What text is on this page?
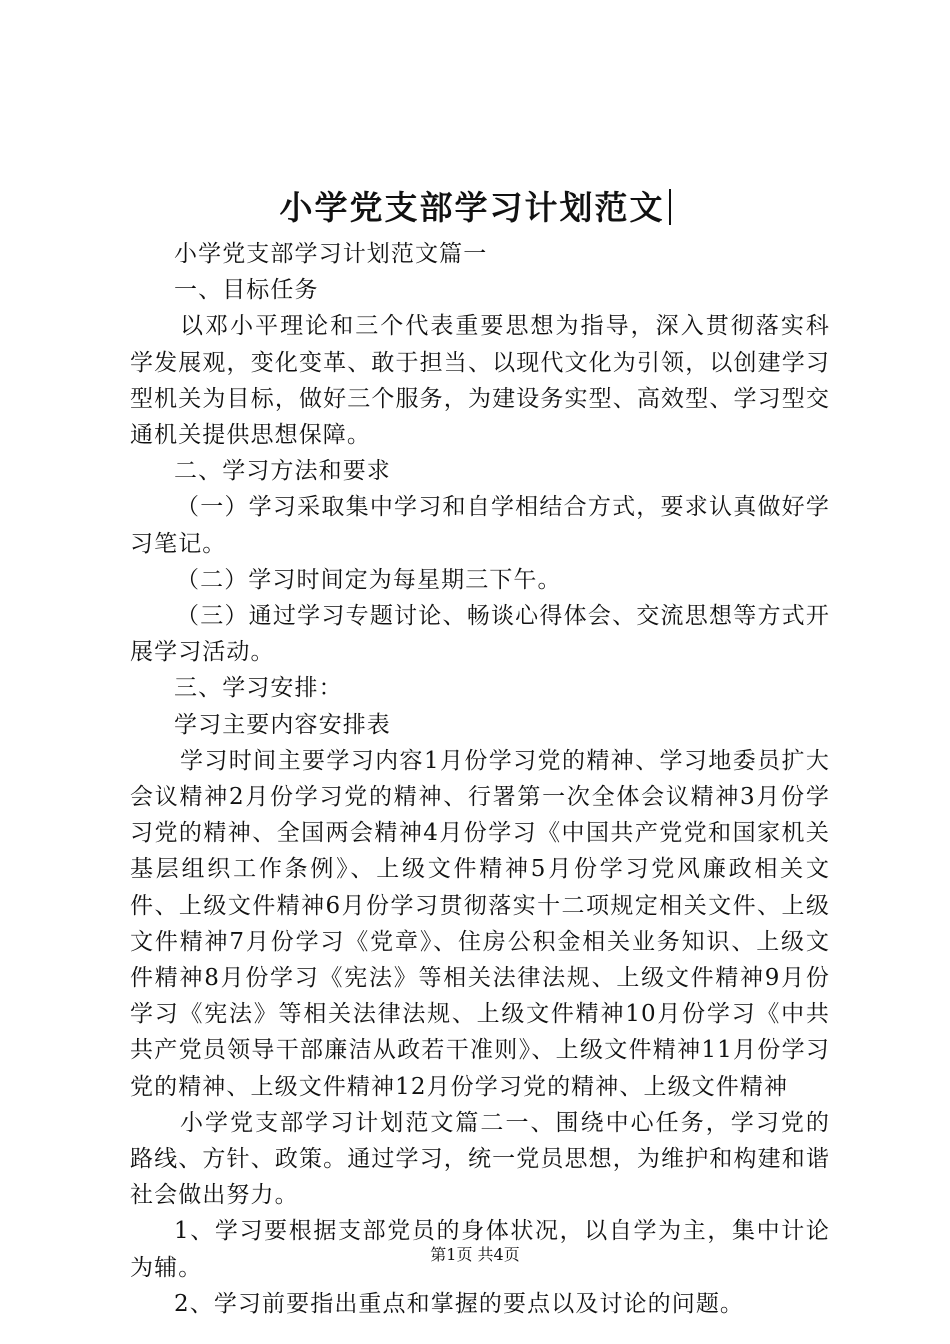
小学党支部学习计划范文

小学党支部学习计划范文篇一

一、目标任务

以邓小平理论和三个代表重要思想为指导，深入贯彻落实科学发展观，变化变革、敢于担当、以现代文化为引领，以创建学习型机关为目标，做好三个服务，为建设务实型、高效型、学习型交通机关提供思想保障。

二、学习方法和要求

（一）学习采取集中学习和自学相结合方式，要求认真做好学习笔记。

（二）学习时间定为每星期三下午。

（三）通过学习专题讨论、畅谈心得体会、交流思想等方式开展学习活动。

三、学习安排：

学习主要内容安排表

学习时间主要学习内容1月份学习党的精神、学习地委员扩大会议精神2月份学习党的精神、行署第一次全体会议精神3月份学习党的精神、全国两会精神4月份学习《中国共产党党和国家机关基层组织工作条例》、上级文件精神5月份学习党风廉政相关文件、上级文件精神6月份学习贯彻落实十二项规定相关文件、上级文件精神7月份学习《党章》、住房公积金相关业务知识、上级文件精神8月份学习《宪法》等相关法律法规、上级文件精神9月份学习《宪法》等相关法律法规、上级文件精神10月份学习《中共共产党员领导干部廉洁从政若干准则》、上级文件精神11月份学习党的精神、上级文件精神12月份学习党的精神、上级文件精神

小学党支部学习计划范文篇二一、围绕中心任务，学习党的路线、方针、政策。通过学习，统一党员思想，为维护和构建和谐社会做出努力。

1、学习要根据支部党员的身体状况，以自学为主，集中计论为辅。

2、学习前要指出重点和掌握的要点以及讨论的问题。

第1页 共4页
